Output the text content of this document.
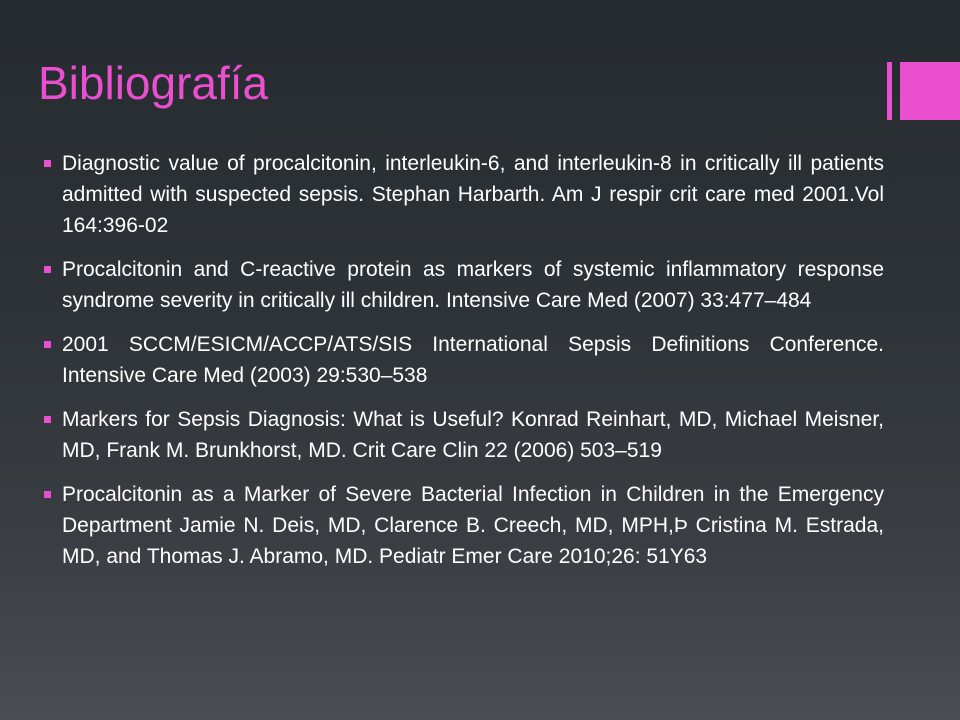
Bibliografía
Diagnostic value of procalcitonin, interleukin-6, and interleukin-8 in critically ill patients admitted with suspected sepsis. Stephan Harbarth. Am J respir crit care med 2001.Vol 164:396-02
Procalcitonin and C-reactive protein as markers of systemic inflammatory response syndrome severity in critically ill children. Intensive Care Med (2007) 33:477–484
2001 SCCM/ESICM/ACCP/ATS/SIS International Sepsis Definitions Conference. Intensive Care Med (2003) 29:530–538
Markers for Sepsis Diagnosis: What is Useful? Konrad Reinhart, MD, Michael Meisner, MD, Frank M. Brunkhorst, MD. Crit Care Clin 22 (2006) 503–519
Procalcitonin as a Marker of Severe Bacterial Infection in Children in the Emergency Department Jamie N. Deis, MD, Clarence B. Creech, MD, MPH,Þ Cristina M. Estrada, MD, and Thomas J. Abramo, MD. Pediatr Emer Care 2010;26: 51Y63
